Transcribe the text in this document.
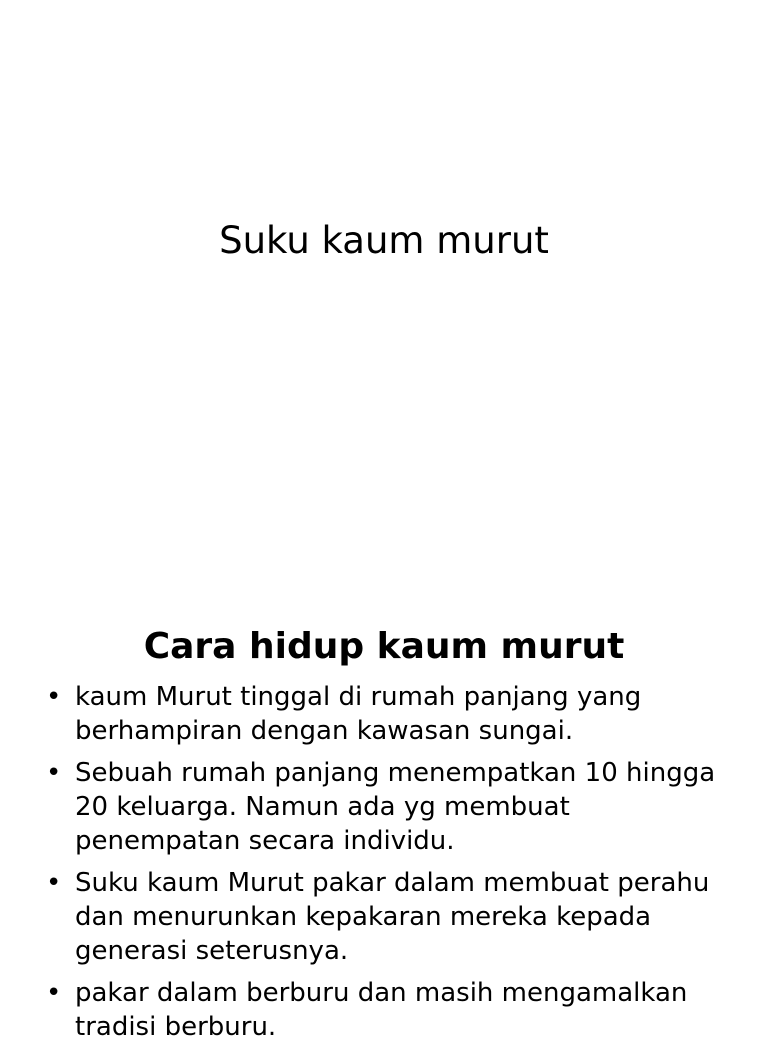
Suku kaum murut
Cara hidup kaum murut
• kaum Murut tinggal di rumah panjang yang berhampiran dengan kawasan sungai.
• Sebuah rumah panjang menempatkan 10 hingga 20 keluarga. Namun ada yg membuat penempatan secara individu.
• Suku kaum Murut pakar dalam membuat perahu dan menurunkan kepakaran mereka kepada generasi seterusnya.
• pakar dalam berburu dan masih mengamalkan tradisi berburu.
